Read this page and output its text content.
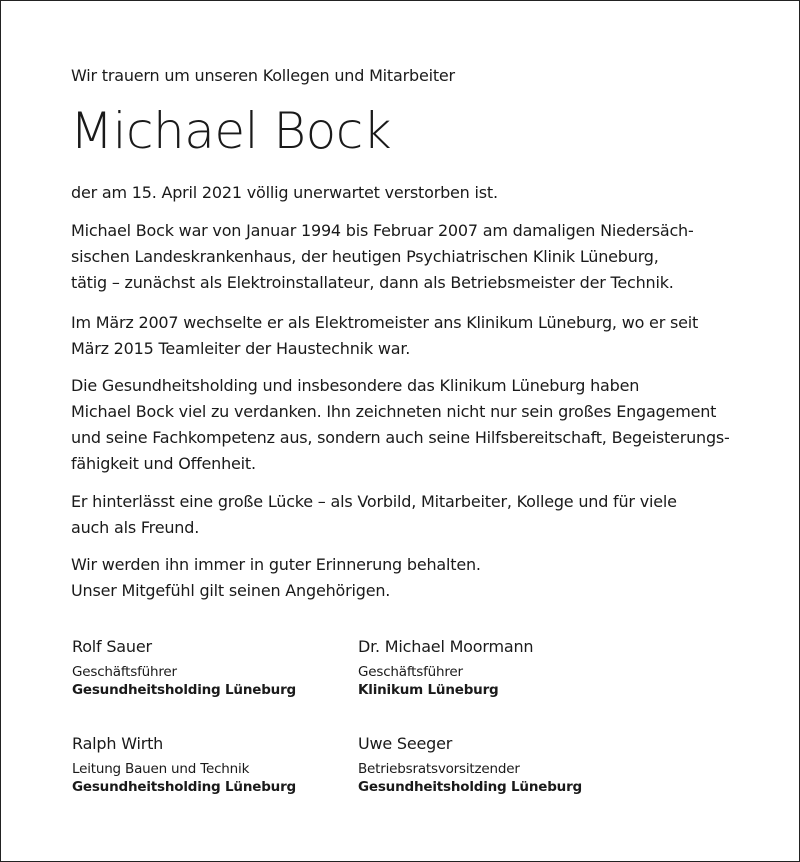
Wir trauern um unseren Kollegen und Mitarbeiter
Michael Bock

der am 15. April 2021 völlig unerwartet verstorben ist.

Michael Bock war von Januar 1994 bis Februar 2007 am damaligen Niedersäch-
sischen Landeskrankenhaus, der heutigen Psychiatrischen Klinik Lüneburg,
tätig – zunächst als Elektroinstallateur, dann als Betriebsmeister der Technik.

Im März 2007 wechselte er als Elektromeister ans Klinikum Lüneburg, wo er seit
März 2015 Teamleiter der Haustechnik war.

Die Gesundheitsholding und insbesondere das Klinikum Lüneburg haben
Michael Bock viel zu verdanken. Ihn zeichneten nicht nur sein großes Engagement
und seine Fachkompetenz aus, sondern auch seine Hilfsbereitschaft, Begeisterungs-
fähigkeit und Offenheit.

Er hinterlässt eine große Lücke – als Vorbild, Mitarbeiter, Kollege und für viele
auch als Freund.

Wir werden ihn immer in guter Erinnerung behalten.
Unser Mitgefühl gilt seinen Angehörigen.

Rolf Sauer
Geschäftsführer
Gesundheitsholding Lüneburg
Dr. Michael Moormann
Geschäftsführer
Klinikum Lüneburg
Ralph Wirth
Leitung Bauen und Technik
Gesundheitsholding Lüneburg
Uwe Seeger
Betriebsratsvorsitzender
Gesundheitsholding Lüneburg
